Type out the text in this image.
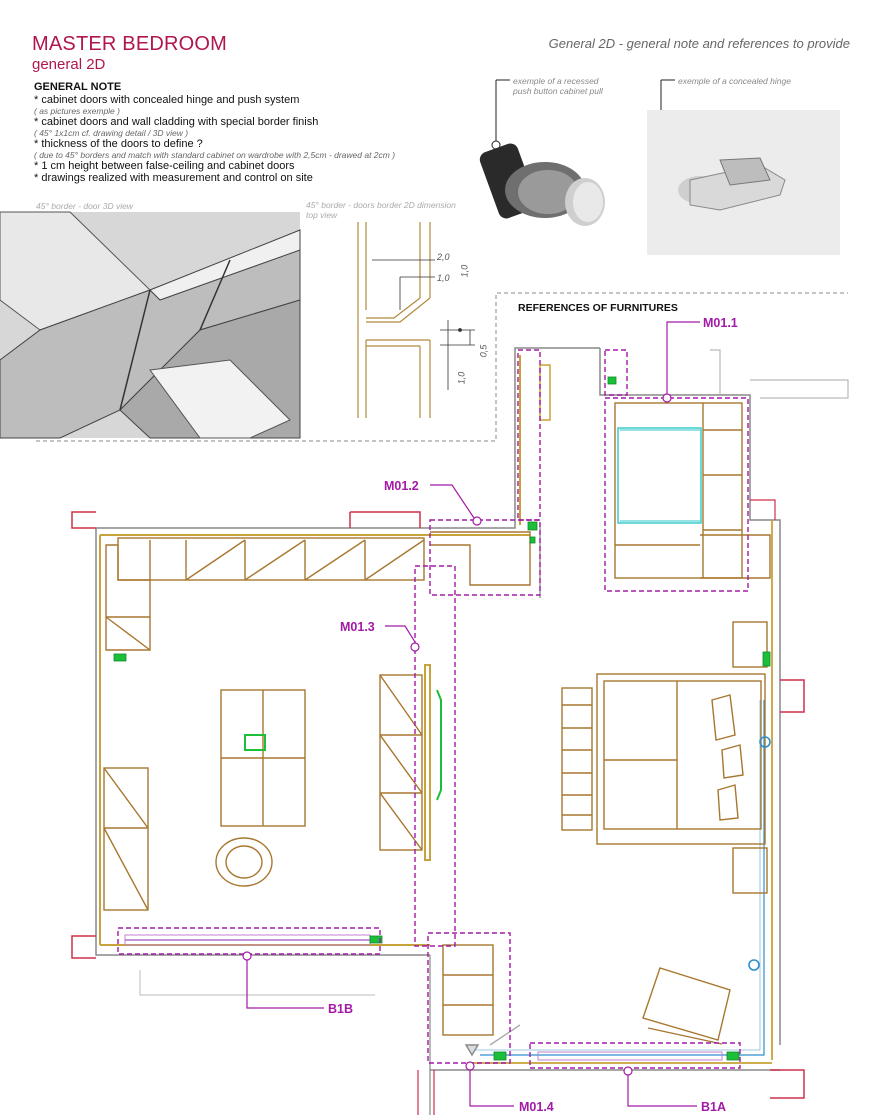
MASTER BEDROOM
general 2D
General 2D - general note and references to provide
GENERAL NOTE
* cabinet doors with concealed hinge and push system
( as pictures exemple )
* cabinet doors and wall cladding with special border finish
( 45° 1x1cm cf. drawing detail / 3D view )
* thickness of the doors to define ?
( due to 45° borders and match with standard cabinet on wardrobe with 2,5cm - drawed at 2cm )
* 1 cm height between false-ceiling and cabinet doors
* drawings realized with measurement and control on site
exemple of a recessed
push button cabinet pull
exemple of a concealed hinge
45° border - door 3D view	45° border - doors border 2D dimension
top view
REFERENCES OF FURNITURES
2,0
1,0
1,0
0,5
1,0
M01.1
M01.2
M01.3
M01.4	B1A
B1B
